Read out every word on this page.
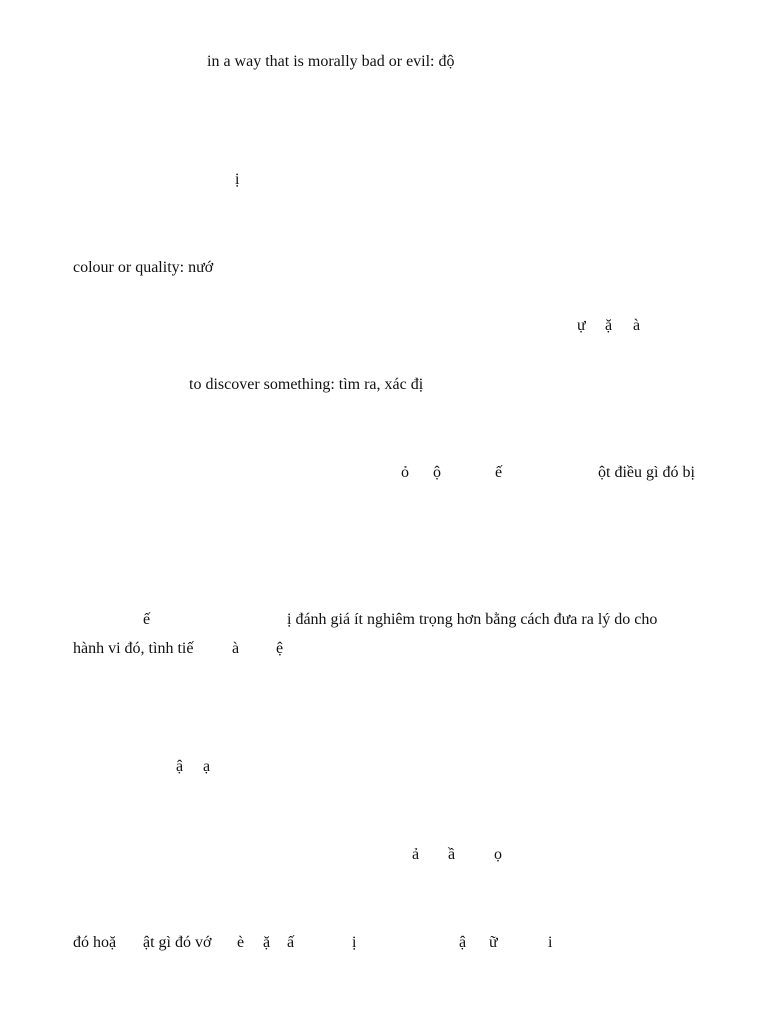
in a way that is morally bad or evil: độ
ị
colour or quality: nướ
ự ặ à
to discover something: tìm ra, xác đị
ỏ ộ	ế	ột điều gì đó bị
ế	ị đánh giá ít nghiêm trọng hơn bằng cách đưa ra lý do cho
hành vi đó, tình tiế à ệ
ậ ạ
ả ầ ọ
đó hoặ ật gì đó vớ è ặ ấ	ị	ậ ữ	i
